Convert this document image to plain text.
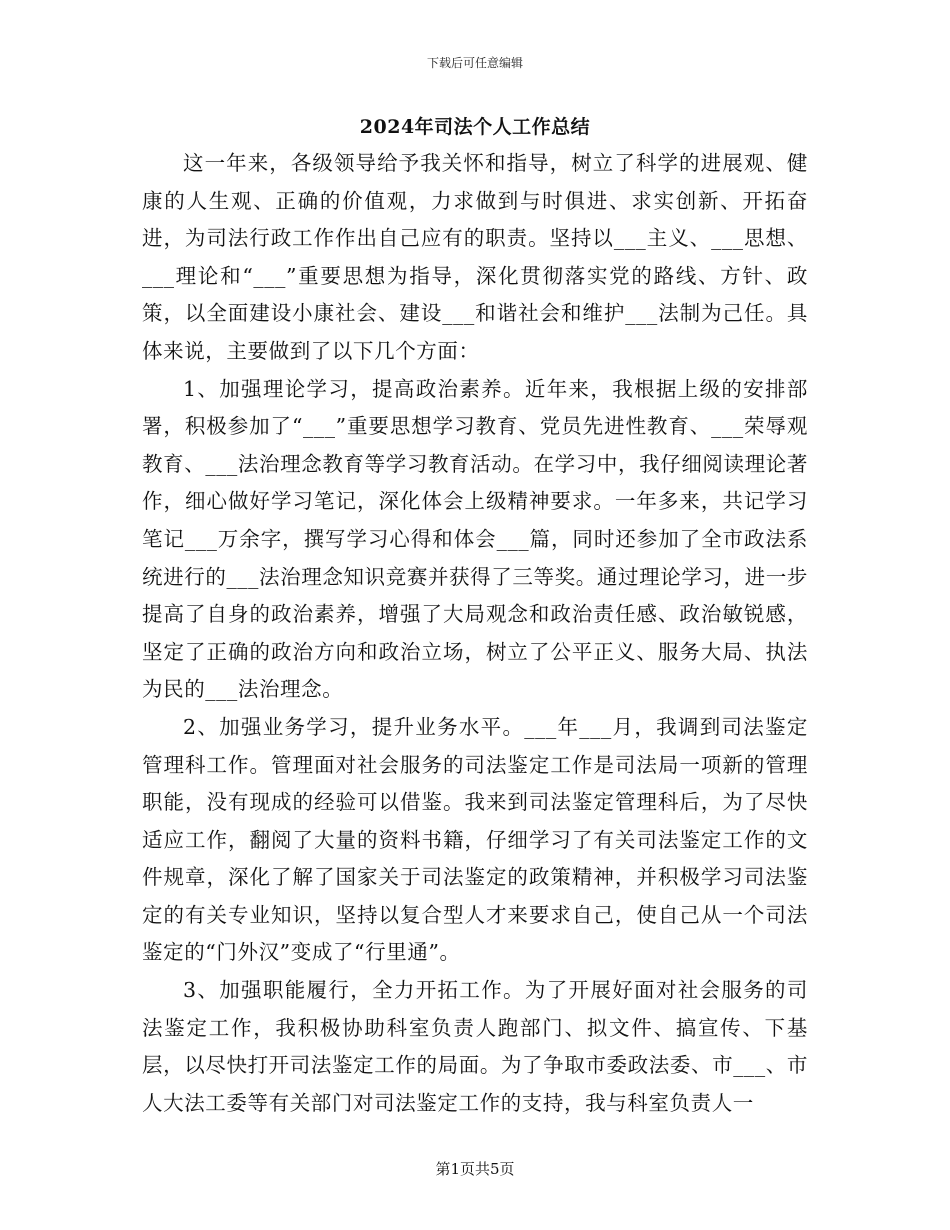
下载后可任意编辑
2024年司法个人工作总结

这一年来，各级领导给予我关怀和指导，树立了科学的进展观、健康的人生观、正确的价值观，力求做到与时俱进、求实创新、开拓奋进，为司法行政工作作出自己应有的职责。坚持以___主义、___思想、___理论和“___”重要思想为指导，深化贯彻落实党的路线、方针、政策，以全面建设小康社会、建设___和谐社会和维护___法制为己任。具体来说，主要做到了以下几个方面：

1、加强理论学习，提高政治素养。近年来，我根据上级的安排部署，积极参加了“___”重要思想学习教育、党员先进性教育、___荣辱观教育、___法治理念教育等学习教育活动。在学习中，我仔细阅读理论著作，细心做好学习笔记，深化体会上级精神要求。一年多来，共记学习笔记___万余字，撰写学习心得和体会___篇，同时还参加了全市政法系统进行的___法治理念知识竞赛并获得了三等奖。通过理论学习，进一步提高了自身的政治素养，增强了大局观念和政治责任感、政治敏锐感，坚定了正确的政治方向和政治立场，树立了公平正义、服务大局、执法为民的___法治理念。

2、加强业务学习，提升业务水平。___年___月，我调到司法鉴定管理科工作。管理面对社会服务的司法鉴定工作是司法局一项新的管理职能，没有现成的经验可以借鉴。我来到司法鉴定管理科后，为了尽快适应工作，翻阅了大量的资料书籍，仔细学习了有关司法鉴定工作的文件规章，深化了解了国家关于司法鉴定的政策精神，并积极学习司法鉴定的有关专业知识，坚持以复合型人才来要求自己，使自己从一个司法鉴定的“门外汉”变成了“行里通”。

3、加强职能履行，全力开拓工作。为了开展好面对社会服务的司法鉴定工作，我积极协助科室负责人跑部门、拟文件、搞宣传、下基层，以尽快打开司法鉴定工作的局面。为了争取市委政法委、市___、市人大法工委等有关部门对司法鉴定工作的支持，我与科室负责人一

第1页共5页
